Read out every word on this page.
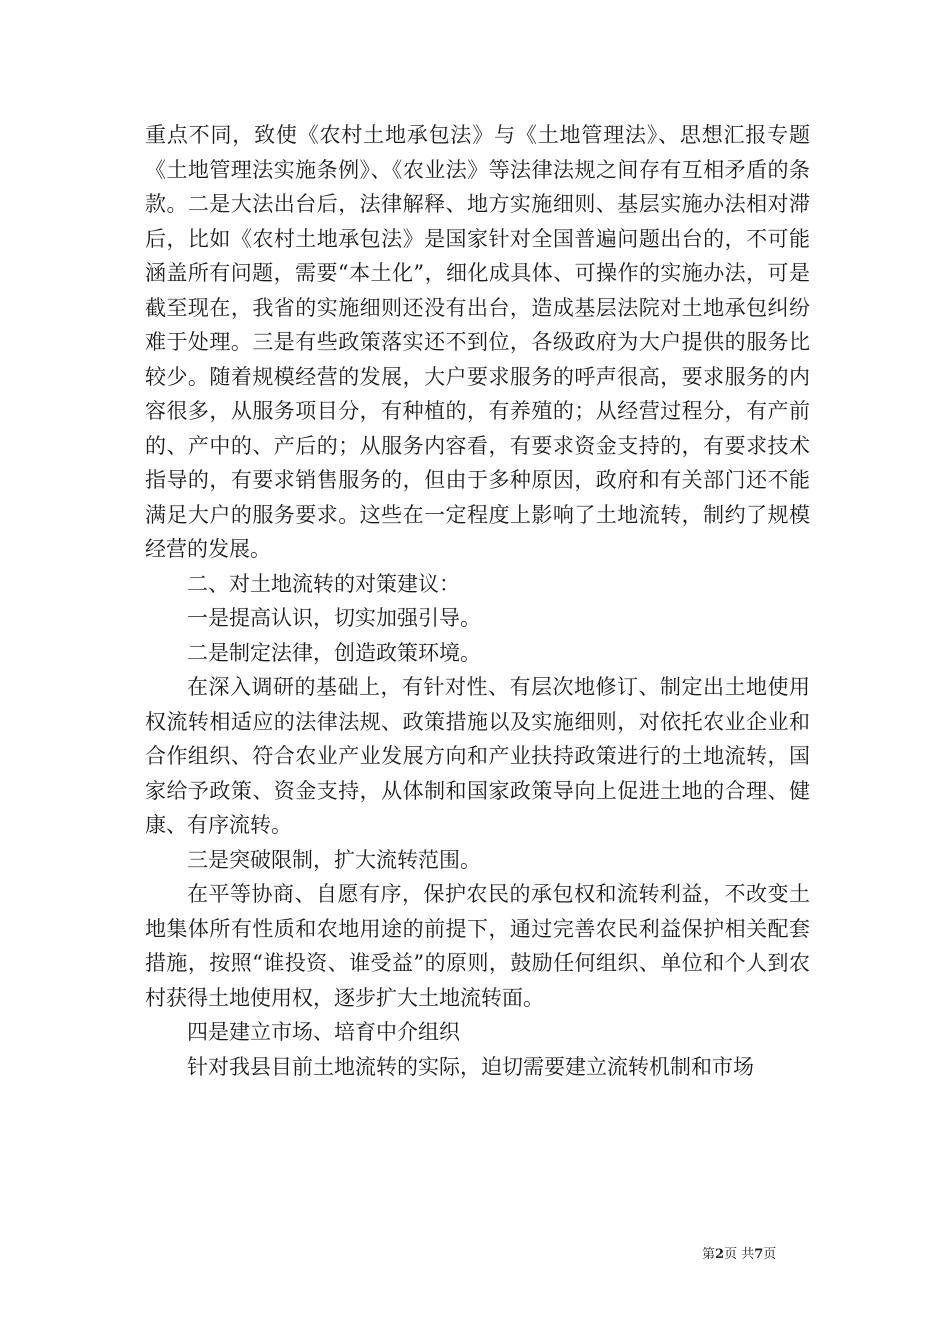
重点不同，致使《农村土地承包法》与《土地管理法》、思想汇报专题《土地管理法实施条例》、《农业法》等法律法规之间存有互相矛盾的条款。二是大法出台后，法律解释、地方实施细则、基层实施办法相对滞后，比如《农村土地承包法》是国家针对全国普遍问题出台的，不可能涵盖所有问题，需要“本土化”，细化成具体、可操作的实施办法，可是截至现在，我省的实施细则还没有出台，造成基层法院对土地承包纠纷难于处理。三是有些政策落实还不到位，各级政府为大户提供的服务比较少。随着规模经营的发展，大户要求服务的呼声很高，要求服务的内容很多，从服务项目分，有种植的，有养殖的；从经营过程分，有产前的、产中的、产后的；从服务内容看，有要求资金支持的，有要求技术指导的，有要求销售服务的，但由于多种原因，政府和有关部门还不能满足大户的服务要求。这些在一定程度上影响了土地流转，制约了规模经营的发展。

二、对土地流转的对策建议：

一是提高认识，切实加强引导。

二是制定法律，创造政策环境。

在深入调研的基础上，有针对性、有层次地修订、制定出土地使用权流转相适应的法律法规、政策措施以及实施细则，对依托农业企业和合作组织、符合农业产业发展方向和产业扶持政策进行的土地流转，国家给予政策、资金支持，从体制和国家政策导向上促进土地的合理、健康、有序流转。

三是突破限制，扩大流转范围。

在平等协商、自愿有序，保护农民的承包权和流转利益，不改变土地集体所有性质和农地用途的前提下，通过完善农民利益保护相关配套措施，按照“谁投资、谁受益”的原则，鼓励任何组织、单位和个人到农村获得土地使用权，逐步扩大土地流转面。

四是建立市场、培育中介组织

针对我县目前土地流转的实际，迫切需要建立流转机制和市场

第2页 共7页
